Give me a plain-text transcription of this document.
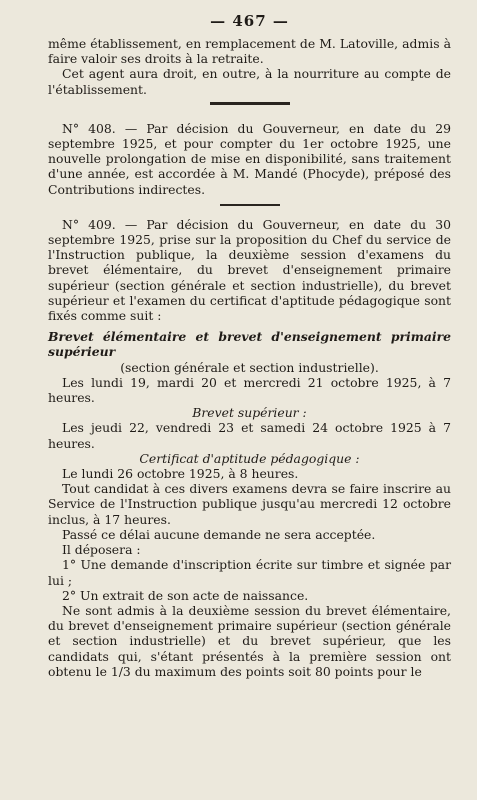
— 467 —

même établissement, en remplacement de M. Latoville, admis à faire valoir ses droits à la retraite.

Cet agent aura droit, en outre, à la nourriture au compte de l'établissement.

N° 408. — Par décision du Gouverneur, en date du 29 septembre 1925, et pour compter du 1er octobre 1925, une nouvelle prolongation de mise en disponibilité, sans traitement d'une année, est accordée à M. Mandé (Phocyde), préposé des Contributions indirectes.

N° 409. — Par décision du Gouverneur, en date du 30 septembre 1925, prise sur la proposition du Chef du service de l'Instruction publique, la deuxième session d'examens du brevet élémentaire, du brevet d'enseignement primaire supérieur (section générale et section industrielle), du brevet supérieur et l'examen du certificat d'aptitude pédagogique sont fixés comme suit :

Brevet élémentaire et brevet d'enseignement primaire supérieur

(section générale et section industrielle).

Les lundi 19, mardi 20 et mercredi 21 octobre 1925, à 7 heures.

Brevet supérieur :

Les jeudi 22, vendredi 23 et samedi 24 octobre 1925 à 7 heures.

Certificat d'aptitude pédagogique :

Le lundi 26 octobre 1925, à 8 heures.

Tout candidat à ces divers examens devra se faire inscrire au Service de l'Instruction publique jusqu'au mercredi 12 octobre inclus, à 17 heures.

Passé ce délai aucune demande ne sera acceptée.

Il déposera :

1° Une demande d'inscription écrite sur timbre et signée par lui ;

2° Un extrait de son acte de naissance.

Ne sont admis à la deuxième session du brevet élémentaire, du brevet d'enseignement primaire supérieur (section générale et section industrielle) et du brevet supérieur, que les candidats qui, s'étant présentés à la première session ont obtenu le 1/3 du maximum des points soit 80 points pour le
